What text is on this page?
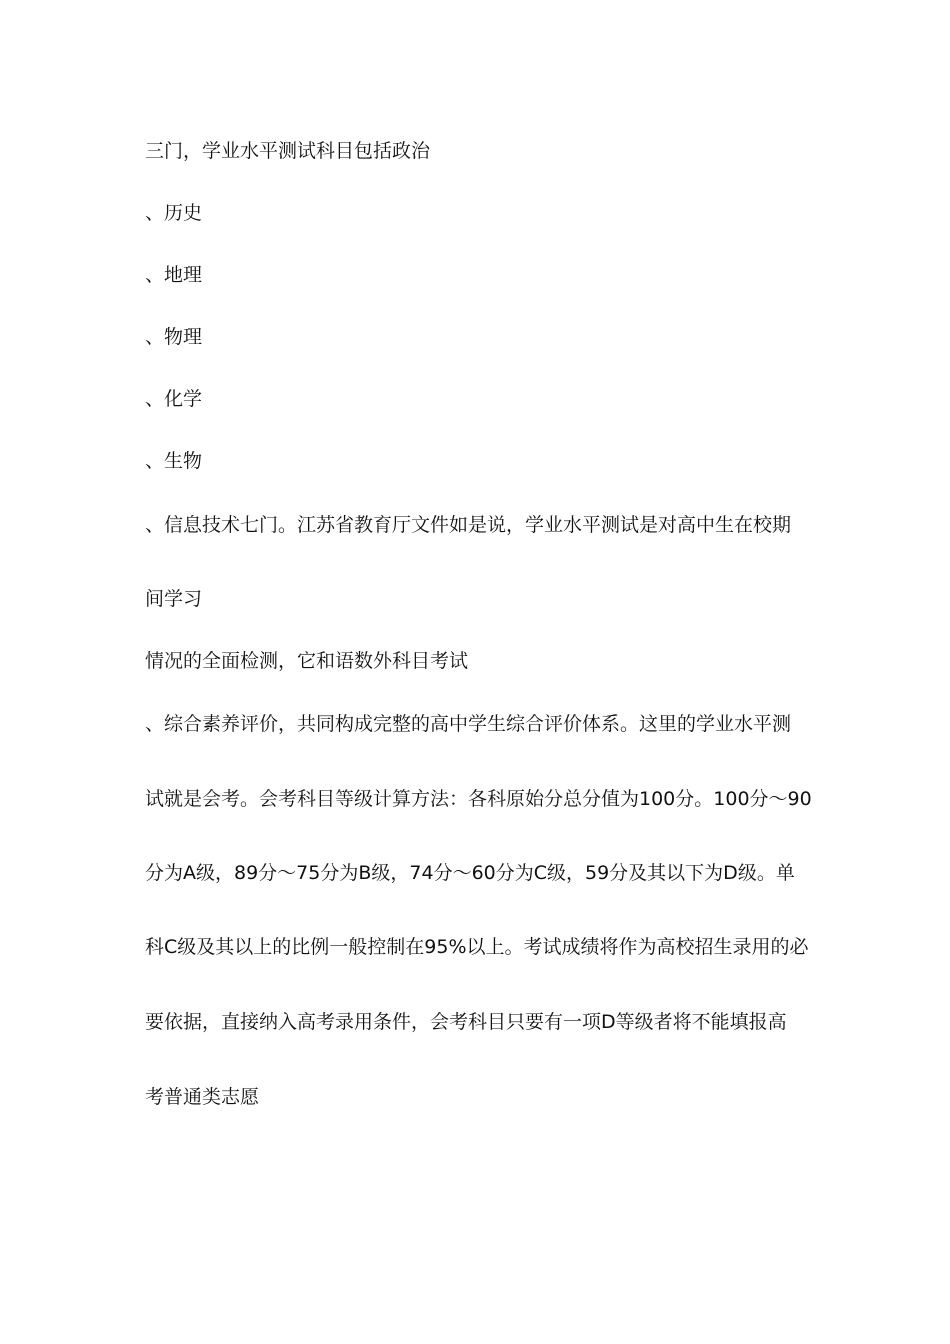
三门，学业水平测试科目包括政治
、历史
、地理
、物理
、化学
、生物
、信息技术七门。江苏省教育厅文件如是说，学业水平测试是对高中生在校期
间学习
情况的全面检测，它和语数外科目考试
、综合素养评价，共同构成完整的高中学生综合评价体系。这里的学业水平测
试就是会考。会考科目等级计算方法：各科原始分总分值为100分。100分～90
分为A级，89分～75分为B级，74分～60分为C级，59分及其以下为D级。单
科C级及其以上的比例一般控制在95%以上。考试成绩将作为高校招生录用的必
要依据，直接纳入高考录用条件，会考科目只要有一项D等级者将不能填报高
考普通类志愿
